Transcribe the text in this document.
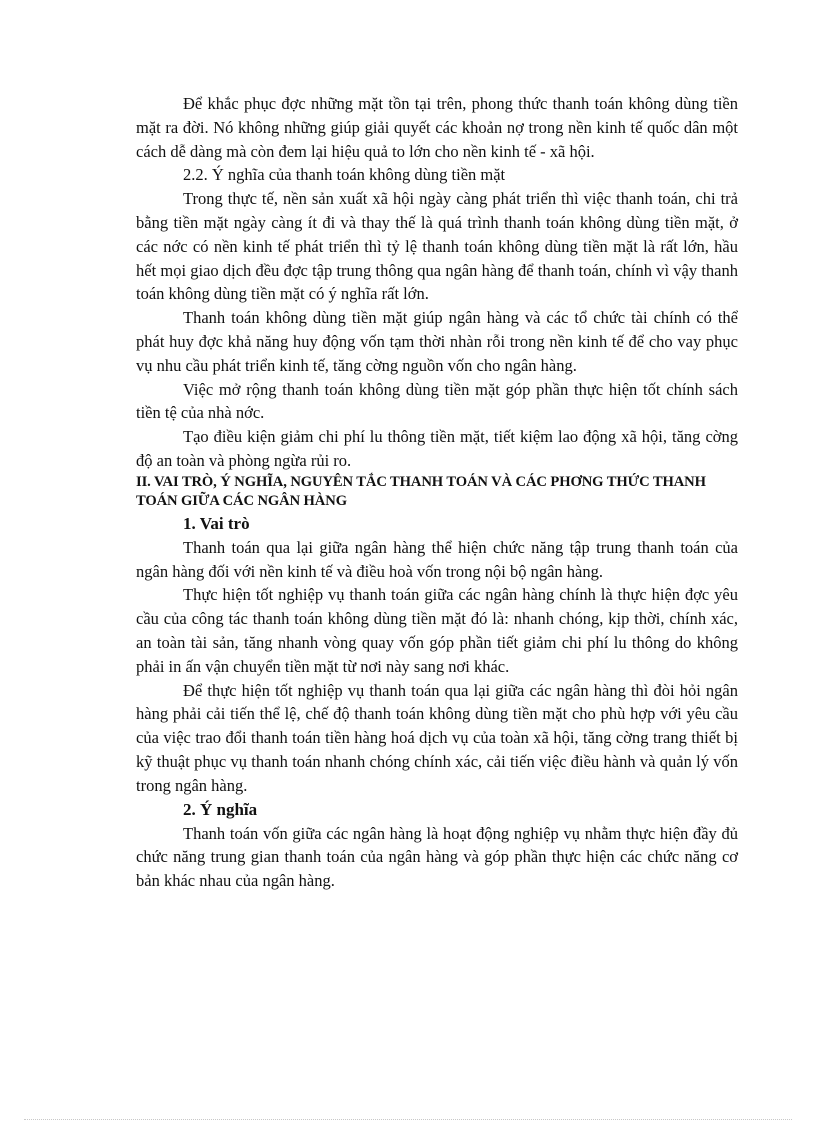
Để khắc phục đợc những mặt tồn tại trên, phong thức thanh toán không dùng tiền mặt ra đời. Nó không những giúp giải quyết các khoản nợ trong nền kinh tế quốc dân một cách dễ dàng mà còn đem lại hiệu quả to lớn cho nền kinh tế - xã hội.

2.2. Ý nghĩa của thanh toán không dùng tiền mặt

Trong thực tế, nền sản xuất xã hội ngày càng phát triển thì việc thanh toán, chi trả bằng tiền mặt ngày càng ít đi và thay thế là quá trình thanh toán không dùng tiền mặt, ở các nớc có nền kinh tế phát triển thì tỷ lệ thanh toán không dùng tiền mặt là rất lớn, hầu hết mọi giao dịch đều đợc tập trung thông qua ngân hàng để thanh toán, chính vì vậy thanh toán không dùng tiền mặt có ý nghĩa rất lớn.

Thanh toán không dùng tiền mặt giúp ngân hàng và các tổ chức tài chính có thể phát huy đợc khả năng huy động vốn tạm thời nhàn rỗi trong nền kinh tế để cho vay phục vụ nhu cầu phát triển kinh tế, tăng cờng nguồn vốn cho ngân hàng.

Việc mở rộng thanh toán không dùng tiền mặt góp phần thực hiện tốt chính sách tiền tệ của nhà nớc.

Tạo điều kiện giảm chi phí lu thông tiền mặt, tiết kiệm lao động xã hội, tăng cờng độ an toàn và phòng ngừa rủi ro.

II. VAI TRÒ, Ý NGHĨA, NGUYÊN TẮC THANH TOÁN VÀ CÁC PHƠNG THỨC THANH TOÁN GIỮA CÁC NGÂN HÀNG

1. Vai trò

Thanh toán qua lại giữa ngân hàng thể hiện chức năng tập trung thanh toán của ngân hàng đối với nền kinh tế và điều hoà vốn trong nội bộ ngân hàng.

Thực hiện tốt nghiệp vụ thanh toán giữa các ngân hàng chính là thực hiện đợc yêu cầu của công tác thanh toán không dùng tiền mặt đó là: nhanh chóng, kịp thời, chính xác, an toàn tài sản, tăng nhanh vòng quay vốn góp phần tiết giảm chi phí lu thông do không phải in ấn vận chuyển tiền mặt từ nơi này sang nơi khác.

Để thực hiện tốt nghiệp vụ thanh toán qua lại giữa các ngân hàng thì đòi hỏi ngân hàng phải cải tiến thể lệ, chế độ thanh toán không dùng tiền mặt cho phù hợp với yêu cầu của việc trao đổi thanh toán tiền hàng hoá dịch vụ của toàn xã hội, tăng cờng trang thiết bị kỹ thuật phục vụ thanh toán nhanh chóng chính xác, cải tiến việc điều hành và quản lý vốn trong ngân hàng.

2. Ý nghĩa

Thanh toán vốn giữa các ngân hàng là hoạt động nghiệp vụ nhằm thực hiện đầy đủ chức năng trung gian thanh toán của ngân hàng và góp phần thực hiện các chức năng cơ bản khác nhau của ngân hàng.
